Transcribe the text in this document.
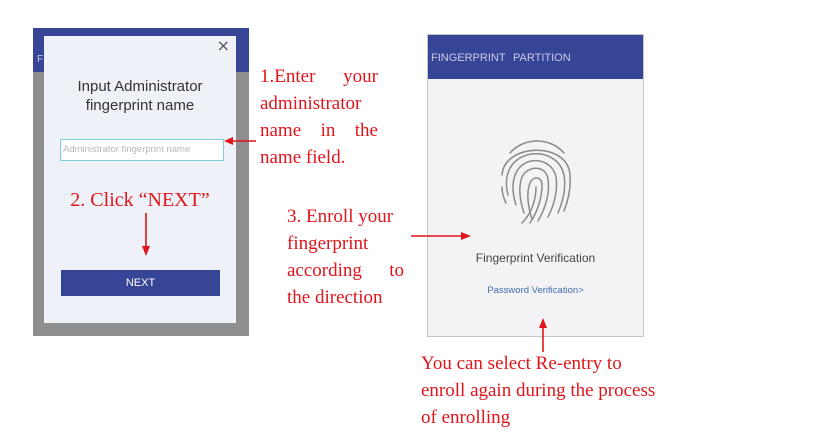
F
×
Input Administrator
fingerprint name
Administrator fingerprint name
2. Click “NEXT”
NEXT
FINGERPRINT PARTITION
Fingerprint Verification
Password Verification>
1.Enter your
administrator
name in the
name field.
3. Enroll your
fingerprint
according to
the direction
You can select Re-entry to
enroll again during the process
of enrolling
